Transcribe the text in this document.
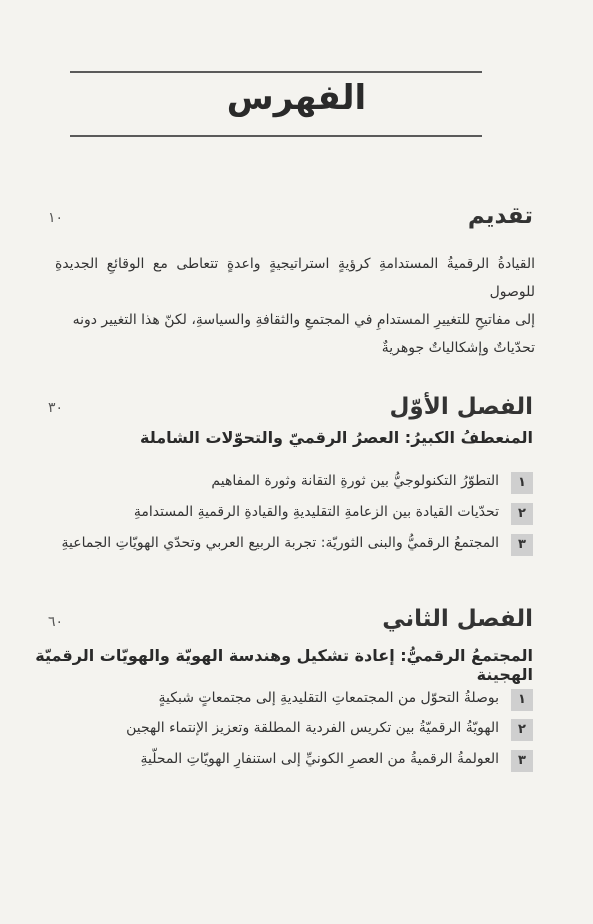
الفهرس
تقديم
١٠
القيادةُ الرقميةُ المستدامةِ كرؤيةٍ استراتيجيةٍ واعدةٍ تتعاطى مع الوقائعِ الجديدةِ للوصول
إلى مفاتيحِ للتغييرِ المستدامِ في المجتمعِ والثقافةِ والسياسةِ، لكنّ هذا التغيير دونه
تحدّياتٌ وإشكالياتٌ جوهريةٌ
الفصل الأوّل
٣٠
المنعطفُ الكبيرُ: العصرُ الرقميّ والتحوّلات الشاملة
١
التطوّرُ التكنولوجيُّ بين ثورةِ التقانة وثورة المفاهيم
٢
تحدّيات القيادة بين الزعامةِ التقليديةِ والقيادةِ الرقميةِ المستدامةِ
٣
المجتمعُ الرقميُّ والبنى الثوريّة: تجربة الربيع العربي وتحدّي الهويّاتِ الجماعيةِ
الفصل الثاني
٦٠
المجتمعُ الرقميُّ: إعادة تشكيل وهندسة الهويّة والهويّات الرقميّة الهجينة
١
بوصلةُ التحوّل من المجتمعاتِ التقليديةِ إلى مجتمعاتٍ شبكيةٍ
٢
الهويّةُ الرقميّةُ بين تكريس الفردية المطلقة وتعزيز الإنتماء الهجين
٣
العولمةُ الرقميةُ من العصرِ الكونيِّ إلى استنفارِ الهويّاتِ المحلّيةِ
